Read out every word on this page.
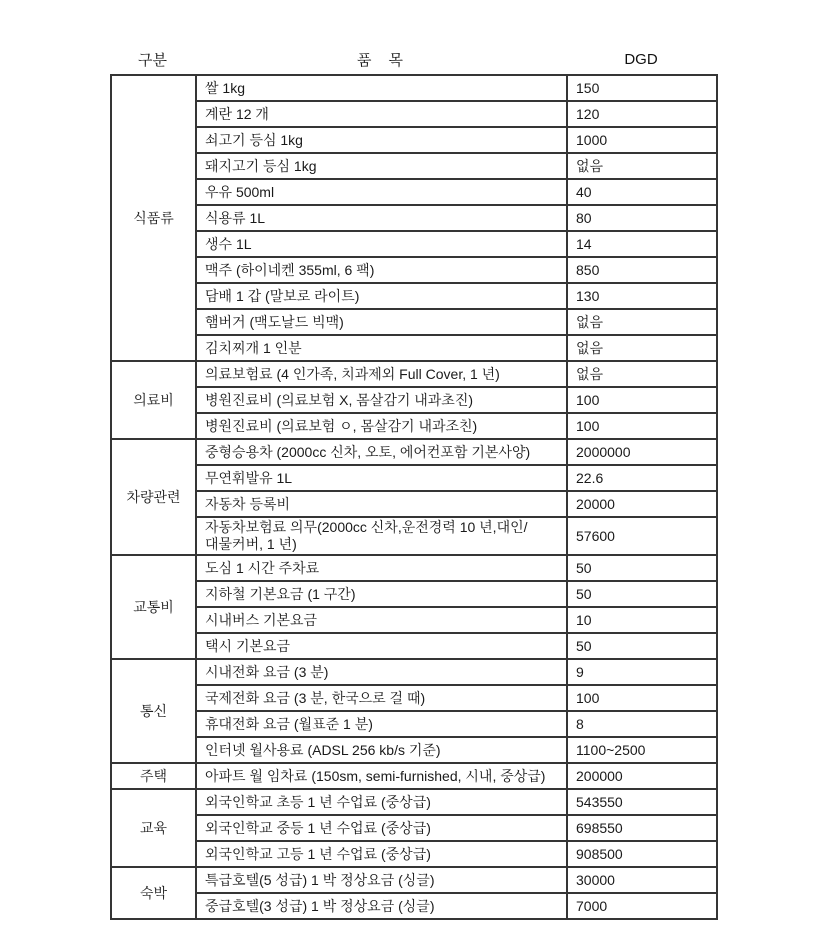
구분	품　목	DGD
식품류	쌀 1kg	150
	계란 12 개	120
	쇠고기 등심 1kg	1000
	돼지고기 등심 1kg	없음
	우유 500ml	40
	식용류 1L	80
	생수 1L	14
	맥주 (하이네켄 355ml, 6 팩)	850
	담배 1 갑 (말보로 라이트)	130
	햄버거 (맥도날드 빅맥)	없음
	김치찌개 1 인분	없음
의료비	의료보험료 (4 인가족, 치과제외 Full Cover, 1 년)	없음
	병원진료비 (의료보험 X, 몸살감기 내과초진)	100
	병원진료비 (의료보험 ㅇ, 몸살감기 내과조친)	100
차량관련	중형승용차 (2000cc 신차, 오토, 에어컨포함 기본사양)	2000000
	무연휘발유 1L	22.6
	자동차 등록비	20000
	자동차보험료 의무(2000cc 신차,운전경력 10 년,대인/대물커버, 1 년)	57600
교통비	도심 1 시간 주차료	50
	지하철 기본요금 (1 구간)	50
	시내버스 기본요금	10
	택시 기본요금	50
통신	시내전화 요금 (3 분)	9
	국제전화 요금 (3 분, 한국으로 걸 때)	100
	휴대전화 요금 (월표준 1 분)	8
	인터넷 월사용료 (ADSL 256 kb/s 기준)	1100~2500
주택	아파트 월 임차료 (150sm, semi-furnished, 시내, 중상급)	200000
교육	외국인학교 초등 1 년 수업료 (중상급)	543550
	외국인학교 중등 1 년 수업료 (중상급)	698550
	외국인학교 고등 1 년 수업료 (중상급)	908500
숙박	특급호텔(5 성급) 1 박 정상요금 (싱글)	30000
	중급호텔(3 성급) 1 박 정상요금 (싱글)	7000
